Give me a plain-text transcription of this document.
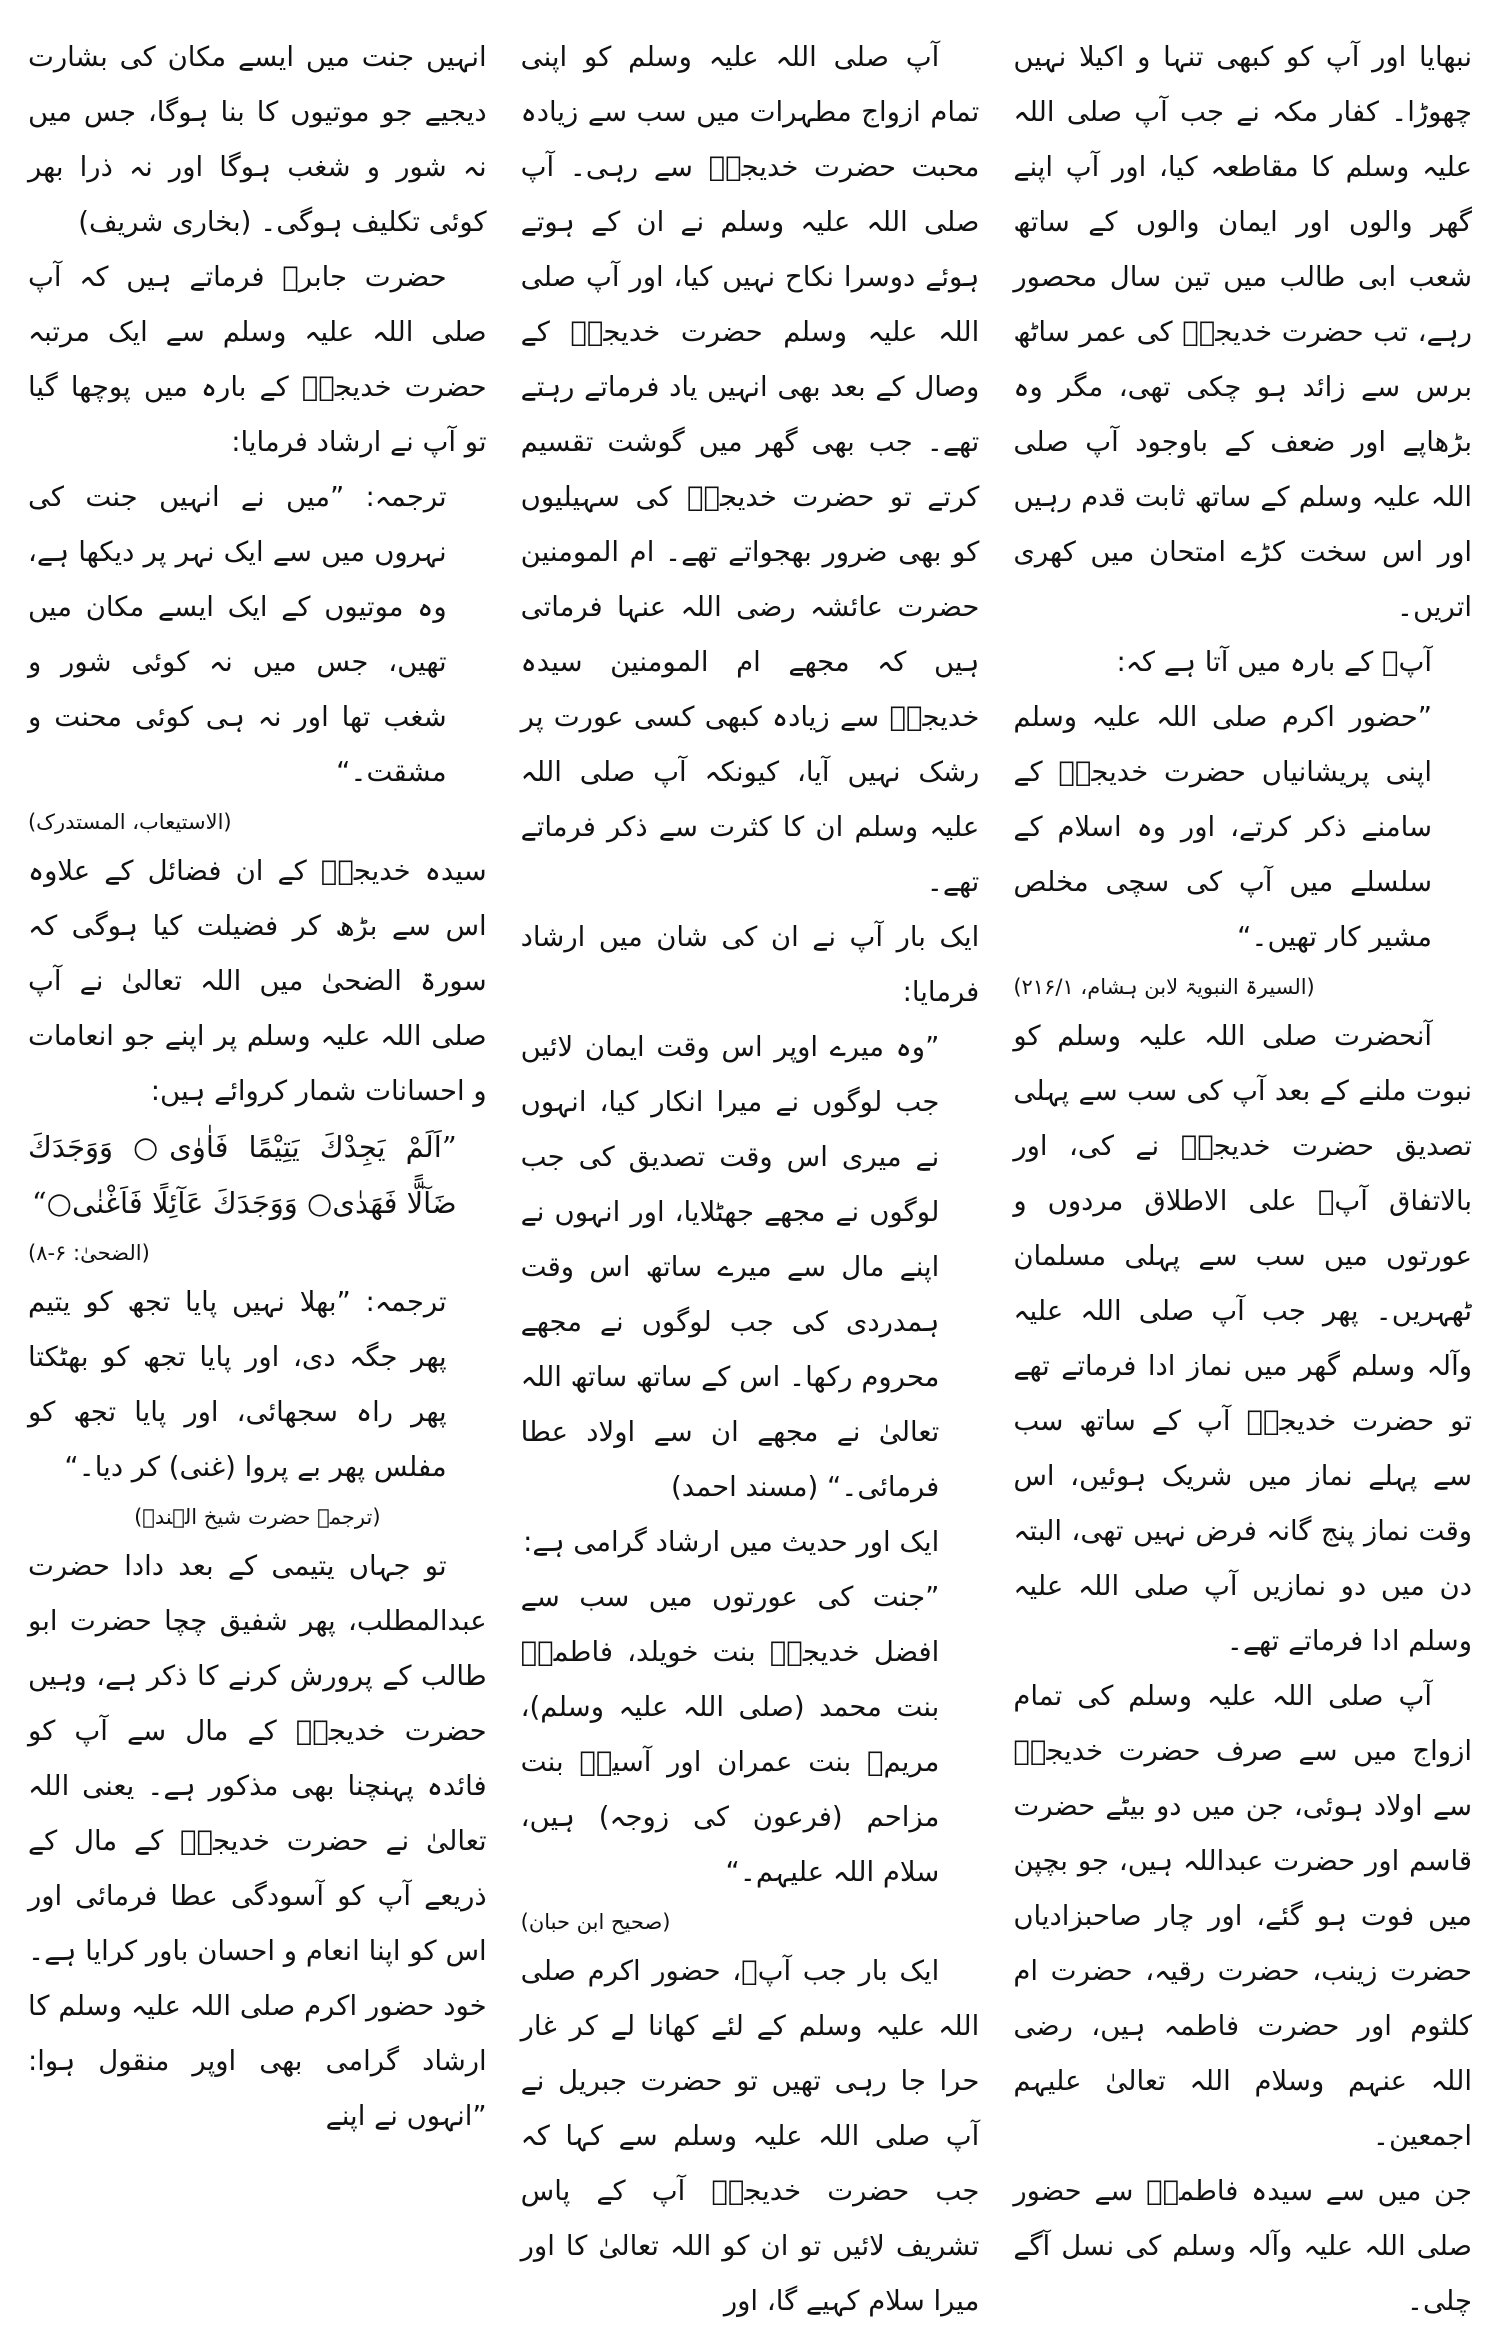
نبھایا اور آپ کو کبھی تنہا و اکیلا نہیں چھوڑا۔ کفار مکہ نے جب آپ صلی اللہ علیہ وسلم کا مقاطعہ کیا، اور آپ اپنے گھر والوں اور ایمان والوں کے ساتھ شعب ابی طالب میں تین سال محصور رہے، تب حضرت خدیجہؓ کی عمر ساٹھ برس سے زائد ہو چکی تھی، مگر وہ بڑھاپے اور ضعف کے باوجود آپ صلی اللہ علیہ وسلم کے ساتھ ثابت قدم رہیں اور اس سخت کڑے امتحان میں کھری اتریں۔

آپؓ کے بارہ میں آتا ہے کہ:

”حضور اکرم صلی اللہ علیہ وسلم اپنی پریشانیاں حضرت خدیجہؓ کے سامنے ذکر کرتے، اور وہ اسلام کے سلسلے میں آپ کی سچی مخلص مشیر کار تھیں۔“

(السیرۃ النبویۃ لابن ہشام، ۲۱۶/۱)

آنحضرت صلی اللہ علیہ وسلم کو نبوت ملنے کے بعد آپ کی سب سے پہلی تصدیق حضرت خدیجہؓ نے کی، اور بالاتفاق آپؓ علی الاطلاق مردوں و عورتوں میں سب سے پہلی مسلمان ٹھہریں۔ پھر جب آپ صلی اللہ علیہ وآلہ وسلم گھر میں نماز ادا فرماتے تھے تو حضرت خدیجہؓ آپ کے ساتھ سب سے پہلے نماز میں شریک ہوئیں، اس وقت نماز پنج گانہ فرض نہیں تھی، البتہ دن میں دو نمازیں آپ صلی اللہ علیہ وسلم ادا فرماتے تھے۔

آپ صلی اللہ علیہ وسلم کی تمام ازواج میں سے صرف حضرت خدیجہؓ سے اولاد ہوئی، جن میں دو بیٹے حضرت قاسم اور حضرت عبداللہ ہیں، جو بچپن میں فوت ہو گئے، اور چار صاحبزادیاں حضرت زینب، حضرت رقیہ، حضرت ام کلثوم اور حضرت فاطمہ ہیں، رضی اللہ عنہم وسلام اللہ تعالیٰ علیہم اجمعین۔

جن میں سے سیدہ فاطمہؓ سے حضور صلی اللہ علیہ وآلہ وسلم کی نسل آگے چلی۔

آپ صلی اللہ علیہ وسلم کو اپنی تمام ازواج مطہرات میں سب سے زیادہ محبت حضرت خدیجہؓ سے رہی۔ آپ صلی اللہ علیہ وسلم نے ان کے ہوتے ہوئے دوسرا نکاح نہیں کیا، اور آپ صلی اللہ علیہ وسلم حضرت خدیجہؓ کے وصال کے بعد بھی انہیں یاد فرماتے رہتے تھے۔ جب بھی گھر میں گوشت تقسیم کرتے تو حضرت خدیجہؓ کی سہیلیوں کو بھی ضرور بھجواتے تھے۔ ام المومنین حضرت عائشہ رضی اللہ عنہا فرماتی ہیں کہ مجھے ام المومنین سیدہ خدیجہؓ سے زیادہ کبھی کسی عورت پر رشک نہیں آیا، کیونکہ آپ صلی اللہ علیہ وسلم ان کا کثرت سے ذکر فرماتے تھے۔

ایک بار آپ نے ان کی شان میں ارشاد فرمایا:

”وہ میرے اوپر اس وقت ایمان لائیں جب لوگوں نے میرا انکار کیا، انہوں نے میری اس وقت تصدیق کی جب لوگوں نے مجھے جھٹلایا، اور انہوں نے اپنے مال سے میرے ساتھ اس وقت ہمدردی کی جب لوگوں نے مجھے محروم رکھا۔ اس کے ساتھ ساتھ اللہ تعالیٰ نے مجھے ان سے اولاد عطا فرمائی۔“ (مسند احمد)

ایک اور حدیث میں ارشاد گرامی ہے:

”جنت کی عورتوں میں سب سے افضل خدیجہؓ بنت خویلد، فاطمہؓ بنت محمد (صلی اللہ علیہ وسلم)، مریمؑ بنت عمران اور آسیہؓ بنت مزاحم (فرعون کی زوجہ) ہیں، سلام اللہ علیہم۔“

(صحیح ابن حبان)

ایک بار جب آپؓ، حضور اکرم صلی اللہ علیہ وسلم کے لئے کھانا لے کر غار حرا جا رہی تھیں تو حضرت جبریل نے آپ صلی اللہ علیہ وسلم سے کہا کہ جب حضرت خدیجہؓ آپ کے پاس تشریف لائیں تو ان کو اللہ تعالیٰ کا اور میرا سلام کہیے گا، اور

انہیں جنت میں ایسے مکان کی بشارت دیجیے جو موتیوں کا بنا ہوگا، جس میں نہ شور و شغب ہوگا اور نہ ذرا بھر کوئی تکلیف ہوگی۔ (بخاری شریف)

حضرت جابرؓ فرماتے ہیں کہ آپ صلی اللہ علیہ وسلم سے ایک مرتبہ حضرت خدیجہؓ کے بارہ میں پوچھا گیا تو آپ نے ارشاد فرمایا:

ترجمہ: ”میں نے انہیں جنت کی نہروں میں سے ایک نہر پر دیکھا ہے، وہ موتیوں کے ایک ایسے مکان میں تھیں، جس میں نہ کوئی شور و شغب تھا اور نہ ہی کوئی محنت و مشقت۔“

(الاستیعاب، المستدرک)

سیدہ خدیجہؓ کے ان فضائل کے علاوہ اس سے بڑھ کر فضیلت کیا ہوگی کہ سورۃ الضحیٰ میں اللہ تعالیٰ نے آپ صلی اللہ علیہ وسلم پر اپنے جو انعامات و احسانات شمار کروائے ہیں:

”اَلَمْ يَجِدْكَ يَتِيْمًا فَاٰوٰى○ وَوَجَدَكَ ضَآلًّا فَهَدٰى○ وَوَجَدَكَ عَآئِلًا فَاَغْنٰى○“

(الضحیٰ: ۶-۸)

ترجمہ: ”بھلا نہیں پایا تجھ کو یتیم پھر جگہ دی، اور پایا تجھ کو بھٹکتا پھر راہ سجھائی، اور پایا تجھ کو مفلس پھر بے پروا (غنی) کر دیا۔“

(ترجمہ حضرت شیخ الہندؒ)

تو جہاں یتیمی کے بعد دادا حضرت عبدالمطلب، پھر شفیق چچا حضرت ابو طالب کے پرورش کرنے کا ذکر ہے، وہیں حضرت خدیجہؓ کے مال سے آپ کو فائدہ پہنچنا بھی مذکور ہے۔ یعنی اللہ تعالیٰ نے حضرت خدیجہؓ کے مال کے ذریعے آپ کو آسودگی عطا فرمائی اور اس کو اپنا انعام و احسان باور کرایا ہے۔ خود حضور اکرم صلی اللہ علیہ وسلم کا ارشاد گرامی بھی اوپر منقول ہوا: ”انہوں نے اپنے
